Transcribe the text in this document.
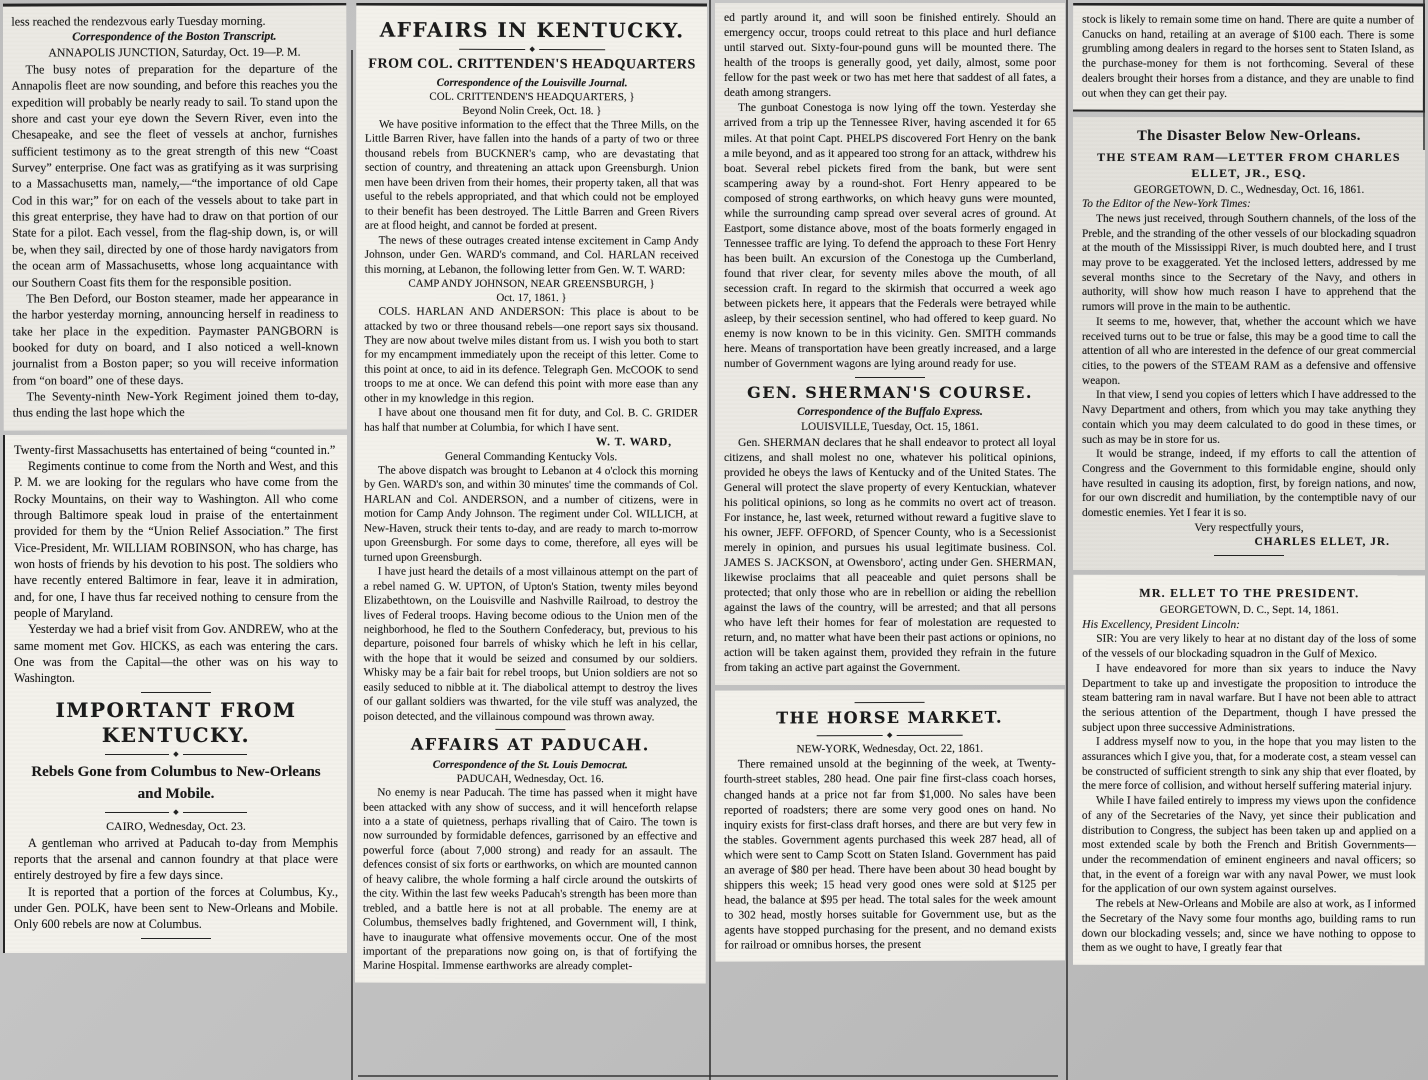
less reached the rendezvous early Tuesday morning.
Correspondence of the Boston Transcript.
ANNAPOLIS JUNCTION, Saturday, Oct. 19—P. M.
The busy notes of preparation for the departure of the Annapolis fleet are now sounding, and before this reaches you the expedition will probably be nearly ready to sail. To stand upon the shore and cast your eye down the Severn River, even into the Chesapeake, and see the fleet of vessels at anchor, furnishes sufficient testimony as to the great strength of this new “Coast Survey” enterprise. One fact was as gratifying as it was surprising to a Massachusetts man, namely,—“the importance of old Cape Cod in this war;” for on each of the vessels about to take part in this great enterprise, they have had to draw on that portion of our State for a pilot. Each vessel, from the flag-ship down, is, or will be, when they sail, directed by one of those hardy navigators from the ocean arm of Massachusetts, whose long acquaintance with our Southern Coast fits them for the responsible position.
The Ben Deford, our Boston steamer, made her appearance in the harbor yesterday morning, announcing herself in readiness to take her place in the expedition. Paymaster PANGBORN is booked for duty on board, and I also noticed a well-known journalist from a Boston paper; so you will receive information from “on board” one of these days.
The Seventy-ninth New-York Regiment joined them to-day, thus ending the last hope which the
Twenty-first Massachusetts has entertained of being “counted in.”
Regiments continue to come from the North and West, and this P. M. we are looking for the regulars who have come from the Rocky Mountains, on their way to Washington. All who come through Baltimore speak loud in praise of the entertainment provided for them by the “Union Relief Association.” The first Vice-President, Mr. WILLIAM ROBINSON, who has charge, has won hosts of friends by his devotion to his post. The soldiers who have recently entered Baltimore in fear, leave it in admiration, and, for one, I have thus far received nothing to censure from the people of Maryland.
Yesterday we had a brief visit from Gov. ANDREW, who at the same moment met Gov. HICKS, as each was entering the cars. One was from the Capital—the other was on his way to Washington.
IMPORTANT FROM KENTUCKY.
◆
Rebels Gone from Columbus to New-Orleans and Mobile.
◆
CAIRO, Wednesday, Oct. 23.
A gentleman who arrived at Paducah to-day from Memphis reports that the arsenal and cannon foundry at that place were entirely destroyed by fire a few days since.
It is reported that a portion of the forces at Columbus, Ky., under Gen. POLK, have been sent to New-Orleans and Mobile. Only 600 rebels are now at Columbus.
AFFAIRS IN KENTUCKY.
◆
FROM COL. CRITTENDEN'S HEADQUARTERS
Correspondence of the Louisville Journal.
COL. CRITTENDEN'S HEADQUARTERS, }
Beyond Nolin Creek, Oct. 18. }
We have positive information to the effect that the Three Mills, on the Little Barren River, have fallen into the hands of a party of two or three thousand rebels from BUCKNER's camp, who are devastating that section of country, and threatening an attack upon Greensburgh. Union men have been driven from their homes, their property taken, all that was useful to the rebels appropriated, and that which could not be employed to their benefit has been destroyed. The Little Barren and Green Rivers are at flood height, and cannot be forded at present.
The news of these outrages created intense excitement in Camp Andy Johnson, under Gen. WARD's command, and Col. HARLAN received this morning, at Lebanon, the following letter from Gen. W. T. WARD:
CAMP ANDY JOHNSON, NEAR GREENSBURGH, }
Oct. 17, 1861. }
COLS. HARLAN AND ANDERSON: This place is about to be attacked by two or three thousand rebels—one report says six thousand. They are now about twelve miles distant from us. I wish you both to start for my encampment immediately upon the receipt of this letter. Come to this point at once, to aid in its defence. Telegraph Gen. McCOOK to send troops to me at once. We can defend this point with more ease than any other in my knowledge in this region.
I have about one thousand men fit for duty, and Col. B. C. GRIDER has half that number at Columbia, for which I have sent.
W. T. WARD,
General Commanding Kentucky Vols.
The above dispatch was brought to Lebanon at 4 o'clock this morning by Gen. WARD's son, and within 30 minutes' time the commands of Col. HARLAN and Col. ANDERSON, and a number of citizens, were in motion for Camp Andy Johnson. The regiment under Col. WILLICH, at New-Haven, struck their tents to-day, and are ready to march to-morrow upon Greensburgh. For some days to come, therefore, all eyes will be turned upon Greensburgh.
I have just heard the details of a most villainous attempt on the part of a rebel named G. W. UPTON, of Upton's Station, twenty miles beyond Elizabethtown, on the Louisville and Nashville Railroad, to destroy the lives of Federal troops. Having become odious to the Union men of the neighborhood, he fled to the Southern Confederacy, but, previous to his departure, poisoned four barrels of whisky which he left in his cellar, with the hope that it would be seized and consumed by our soldiers. Whisky may be a fair bait for rebel troops, but Union soldiers are not so easily seduced to nibble at it. The diabolical attempt to destroy the lives of our gallant soldiers was thwarted, for the vile stuff was analyzed, the poison detected, and the villainous compound was thrown away.
AFFAIRS AT PADUCAH.
Correspondence of the St. Louis Democrat.
PADUCAH, Wednesday, Oct. 16.
No enemy is near Paducah. The time has passed when it might have been attacked with any show of success, and it will henceforth relapse into a a state of quietness, perhaps rivalling that of Cairo. The town is now surrounded by formidable defences, garrisoned by an effective and powerful force (about 7,000 strong) and ready for an assault. The defences consist of six forts or earthworks, on which are mounted cannon of heavy calibre, the whole forming a half circle around the outskirts of the city. Within the last few weeks Paducah's strength has been more than trebled, and a battle here is not at all probable. The enemy are at Columbus, themselves badly frightened, and Government will, I think, have to inaugurate what offensive movements occur. One of the most important of the preparations now going on, is that of fortifying the Marine Hospital. Immense earthworks are already complet-
ed partly around it, and will soon be finished entirely. Should an emergency occur, troops could retreat to this place and hurl defiance until starved out. Sixty-four-pound guns will be mounted there. The health of the troops is generally good, yet daily, almost, some poor fellow for the past week or two has met here that saddest of all fates, a death among strangers.
The gunboat Conestoga is now lying off the town. Yesterday she arrived from a trip up the Tennessee River, having ascended it for 65 miles. At that point Capt. PHELPS discovered Fort Henry on the bank a mile beyond, and as it appeared too strong for an attack, withdrew his boat. Several rebel pickets fired from the bank, but were sent scampering away by a round-shot. Fort Henry appeared to be composed of strong earthworks, on which heavy guns were mounted, while the surrounding camp spread over several acres of ground. At Eastport, some distance above, most of the boats formerly engaged in Tennessee traffic are lying. To defend the approach to these Fort Henry has been built. An excursion of the Conestoga up the Cumberland, found that river clear, for seventy miles above the mouth, of all secession craft. In regard to the skirmish that occurred a week ago between pickets here, it appears that the Federals were betrayed while asleep, by their secession sentinel, who had offered to keep guard. No enemy is now known to be in this vicinity. Gen. SMITH commands here. Means of transportation have been greatly increased, and a large number of Government wagons are lying around ready for use.
GEN. SHERMAN'S COURSE.
Correspondence of the Buffalo Express.
LOUISVILLE, Tuesday, Oct. 15, 1861.
Gen. SHERMAN declares that he shall endeavor to protect all loyal citizens, and shall molest no one, whatever his political opinions, provided he obeys the laws of Kentucky and of the United States. The General will protect the slave property of every Kentuckian, whatever his political opinions, so long as he commits no overt act of treason. For instance, he, last week, returned without reward a fugitive slave to his owner, JEFF. OFFORD, of Spencer County, who is a Secessionist merely in opinion, and pursues his usual legitimate business. Col. JAMES S. JACKSON, at Owensboro', acting under Gen. SHERMAN, likewise proclaims that all peaceable and quiet persons shall be protected; that only those who are in rebellion or aiding the rebellion against the laws of the country, will be arrested; and that all persons who have left their homes for fear of molestation are requested to return, and, no matter what have been their past actions or opinions, no action will be taken against them, provided they refrain in the future from taking an active part against the Government.
THE HORSE MARKET.
◆
NEW-YORK, Wednesday, Oct. 22, 1861.
There remained unsold at the beginning of the week, at Twenty-fourth-street stables, 280 head. One pair fine first-class coach horses, changed hands at a price not far from $1,000. No sales have been reported of roadsters; there are some very good ones on hand. No inquiry exists for first-class draft horses, and there are but very few in the stables. Government agents purchased this week 287 head, all of which were sent to Camp Scott on Staten Island. Government has paid an average of $80 per head. There have been about 30 head bought by shippers this week; 15 head very good ones were sold at $125 per head, the balance at $95 per head. The total sales for the week amount to 302 head, mostly horses suitable for Government use, but as the agents have stopped purchasing for the present, and no demand exists for railroad or omnibus horses, the present
stock is likely to remain some time on hand. There are quite a number of Canucks on hand, retailing at an average of $100 each. There is some grumbling among dealers in regard to the horses sent to Staten Island, as the purchase-money for them is not forthcoming. Several of these dealers brought their horses from a distance, and they are unable to find out when they can get their pay.
The Disaster Below New-Orleans.
THE STEAM RAM—LETTER FROM CHARLES ELLET, JR., ESQ.
GEORGETOWN, D. C., Wednesday, Oct. 16, 1861.
To the Editor of the New-York Times:
The news just received, through Southern channels, of the loss of the Preble, and the stranding of the other vessels of our blockading squadron at the mouth of the Mississippi River, is much doubted here, and I trust may prove to be exaggerated. Yet the inclosed letters, addressed by me several months since to the Secretary of the Navy, and others in authority, will show how much reason I have to apprehend that the rumors will prove in the main to be authentic.
It seems to me, however, that, whether the account which we have received turns out to be true or false, this may be a good time to call the attention of all who are interested in the defence of our great commercial cities, to the powers of the STEAM RAM as a defensive and offensive weapon.
In that view, I send you copies of letters which I have addressed to the Navy Department and others, from which you may take anything they contain which you may deem calculated to do good in these times, or such as may be in store for us.
It would be strange, indeed, if my efforts to call the attention of Congress and the Government to this formidable engine, should only have resulted in causing its adoption, first, by foreign nations, and now, for our own discredit and humiliation, by the contemptible navy of our domestic enemies. Yet I fear it is so.
Very respectfully yours,
CHARLES ELLET, JR.
MR. ELLET TO THE PRESIDENT.
GEORGETOWN, D. C., Sept. 14, 1861.
His Excellency, President Lincoln:
SIR: You are very likely to hear at no distant day of the loss of some of the vessels of our blockading squadron in the Gulf of Mexico.
I have endeavored for more than six years to induce the Navy Department to take up and investigate the proposition to introduce the steam battering ram in naval warfare. But I have not been able to attract the serious attention of the Department, though I have pressed the subject upon three successive Administrations.
I address myself now to you, in the hope that you may listen to the assurances which I give you, that, for a moderate cost, a steam vessel can be constructed of sufficient strength to sink any ship that ever floated, by the mere force of collision, and without herself suffering material injury.
While I have failed entirely to impress my views upon the confidence of any of the Secretaries of the Navy, yet since their publication and distribution to Congress, the subject has been taken up and applied on a most extended scale by both the French and British Governments—under the recommendation of eminent engineers and naval officers; so that, in the event of a foreign war with any naval Power, we must look for the application of our own system against ourselves.
The rebels at New-Orleans and Mobile are also at work, as I informed the Secretary of the Navy some four months ago, building rams to run down our blockading vessels; and, since we have nothing to oppose to them as we ought to have, I greatly fear that
